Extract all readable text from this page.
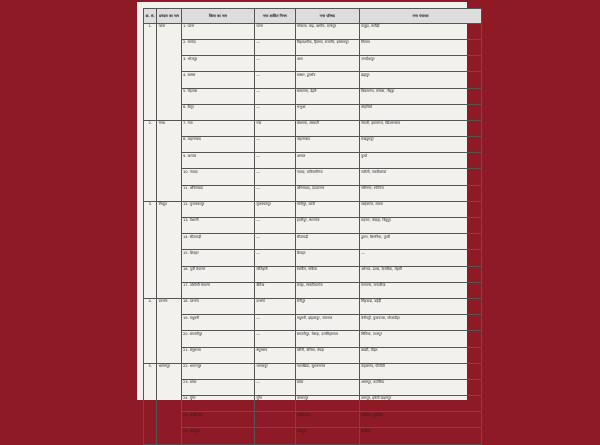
क्र. सं.	प्रमंडल का नाम	जिला का नाम	नगर शासित निगम	नगर परिषद	नगर पंचायत
1.	पटना	1. पटना	पटना	मोकामा, बाढ़, खगौल, दानापुर	फतुहा, मसौढ़ी
		2. नालंदा	—	बिहारशरीफ, हिलसा, राजगीर, इस्लामपुर	सिलाव
		3. भोजपुर	—	आरा	जगदीशपुर
		4. बक्सर	—	बक्सर, डुमराँव	ब्रह्मपुर
		5. रोहतास	—	सासाराम, डेहरी	बिक्रमगंज, कोचस, नौहट्टा
		6. कैमूर	—	भभुआ	मोहनियाँ
2.	मगध	7. गया	गया	बोधगया, शेरघाटी	टेकारी, इमामगंज, खिजरसराय
		8. जहानाबाद	—	जहानाबाद	मखदुमपुर
		9. अरवल	—	अरवल	कुर्था
		10. नवादा	—	नवादा, वारिसलीगंज	रजौली, पकरीबरावां
		11. औरंगाबाद	—	औरंगाबाद, दाउदनगर	नबीनगर, रफीगंज
3.	तिरहुत	12. मुजफ्फरपुर	मुजफ्फरपुर	मोतीपुर, कांटी	साहेबगंज, सकरा
		13. वैशाली	—	हाजीपुर, लालगंज	महनार, जंदाहा, बिदुपुर
		14. सीतामढ़ी	—	सीतामढ़ी	डुमरा, बैरगनिया, पुपरी
		15. शिवहर	—	शिवहर	—
		16. पूर्वी चंपारण	मोतिहारी	रक्सौल, चकिया	अरेराज, ढाका, केसरिया, मेहसी
		17. पश्चिमी चंपारण	बेतिया	बगहा, नरकटियागंज	रामनगर, चनपटिया
4.	दरभंगा	18. दरभंगा	दरभंगा	बेनीपुर	सिंहवाड़ा, बहेड़ी
		19. मधुबनी	—	मधुबनी, झंझारपुर, जयनगर	बेनीपट्टी, फुलपरास, घोघरडीहा
		20. समस्तीपुर	—	समस्तीपुर, रोसड़ा, दलसिंहसराय	सिंघिया, ताजपुर
		21. बेगूसराय	बेगूसराय	बरौनी, बलिया, तेघड़ा	बखरी, बीहट
5.	भागलपुर	22. भागलपुर	भागलपुर	नवगछिया, सुल्तानगंज	कहलगांव, पीरपैंती
		23. बांका	—	बांका	अमरपुर, कटोरिया
		24. मुंगेर	मुंगेर	जमालपुर	तारापुर, हवेली खड़गपुर
		25. लखीसराय	—	लखीसराय	बड़हिया, सूर्यगढ़ा
		26. शेखपुरा	—	शेखपुरा	बरबीघा
